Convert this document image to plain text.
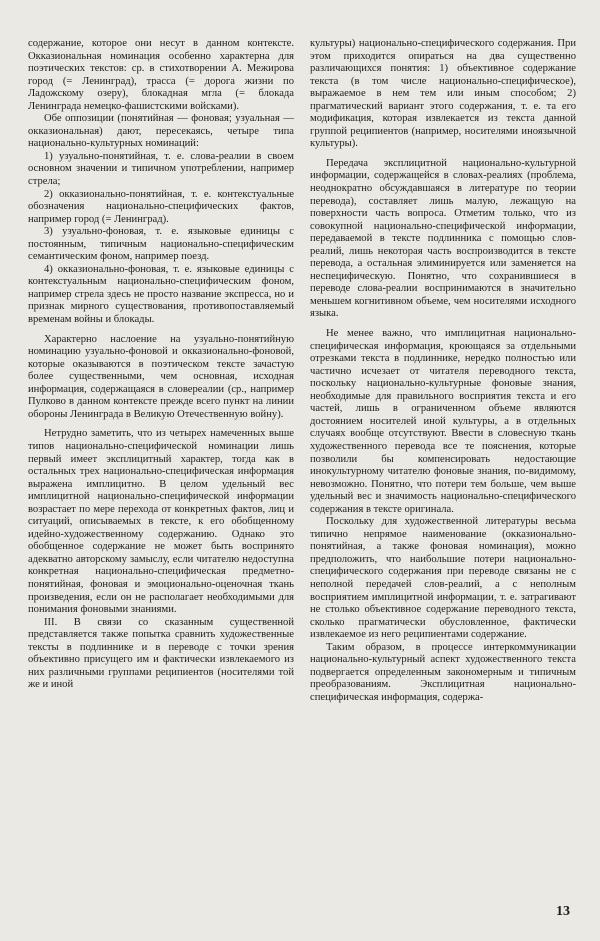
содержание, которое они несут в данном контексте. Окказиональная номинация особенно характерна для поэтических текстов: ср. в стихотворении А. Межирова город (= Ленинград), трасса (= дорога жизни по Ладожскому озеру), блокадная мгла (= блокада Ленинграда немецко-фашистскими войсками).

Обе оппозиции (понятийная — фоновая; узуальная — окказиональная) дают, пересекаясь, четыре типа национально-культурных номинаций:

1) узуально-понятийная, т. е. слова-реалии в своем основном значении и типичном употреблении, например стрела;

2) окказионально-понятийная, т. е. контекстуальные обозначения национально-специфических фактов, например город (= Ленинград).

3) узуально-фоновая, т. е. языковые единицы с постоянным, типичным национально-специфическим семантическим фоном, например поезд.

4) окказионально-фоновая, т. е. языковые единицы с контекстуальным национально-специфическим фоном, например стрела здесь не просто название экспресса, но и признак мирного существования, противопоставляемый временам войны и блокады.

Характерно наслоение на узуально-понятийную номинацию узуально-фоновой и окказионально-фоновой, которые оказываются в поэтическом тексте зачастую более существенными, чем основная, исходная информация, содержащаяся в словереалии (ср., например Пулково в данном контексте прежде всего пункт на линии обороны Ленинграда в Великую Отечественную войну).

Нетрудно заметить, что из четырех намеченных выше типов национально-специфической номинации лишь первый имеет эксплицитный характер, тогда как в остальных трех национально-специфическая информация выражена имплицитно. В целом удельный вес имплицитной национально-специфической информации возрастает по мере перехода от конкретных фактов, лиц и ситуаций, описываемых в тексте, к его обобщенному идейно-художественному содержанию. Однако это обобщенное содержание не может быть воспринято адекватно авторскому замыслу, если читателю недоступна конкретная национально-специфическая предметно-понятийная, фоновая и эмоционально-оценочная ткань произведения, если он не располагает необходимыми для понимания фоновыми знаниями.

III. В связи со сказанным существенной представляется также попытка сравнить художественные тексты в подлиннике и в переводе с точки зрения объективно присущего им и фактически извлекаемого из них различными группами реципиентов (носителями той же и иной

культуры) национально-специфического содержания. При этом приходится опираться на два существенно различающихся понятия: 1) объективное содержание текста (в том числе национально-специфическое), выражаемое в нем тем или иным способом; 2) прагматический вариант этого содержания, т. е. та его модификация, которая извлекается из текста данной группой реципиентов (например, носителями иноязычной культуры).

Передача эксплицитной национально-культурной информации, содержащейся в словах-реалиях (проблема, неоднократно обсуждавшаяся в литературе по теории перевода), составляет лишь малую, лежащую на поверхности часть вопроса. Отметим только, что из совокупной национально-специфической информации, передаваемой в тексте подлинника с помощью слов-реалий, лишь некоторая часть воспроизводится в тексте перевода, а остальная элиминируется или заменяется на неспецифическую. Понятно, что сохранившиеся в переводе слова-реалии воспринимаются в значительно меньшем когнитивном объеме, чем носителями исходного языка.

Не менее важно, что имплицитная национально-специфическая информация, кроющаяся за отдельными отрезками текста в подлиннике, нередко полностью или частично исчезает от читателя переводного текста, поскольку национально-культурные фоновые знания, необходимые для правильного восприятия текста и его частей, лишь в ограниченном объеме являются достоянием носителей иной культуры, а в отдельных случаях вообще отсутствуют. Ввести в словесную ткань художественного перевода все те пояснения, которые позволили бы компенсировать недостающие инокультурному читателю фоновые знания, по-видимому, невозможно. Понятно, что потери тем больше, чем выше удельный вес и значимость национально-специфического содержания в тексте оригинала.

Поскольку для художественной литературы весьма типично непрямое наименование (окказионально-понятийная, а также фоновая номинация), можно предположить, что наибольшие потери национально-специфического содержания при переводе связаны не с неполной передачей слов-реалий, а с неполным восприятием имплицитной информации, т. е. затрагивают не столько объективное содержание переводного текста, сколько прагматически обусловленное, фактически извлекаемое из него реципиентами содержание.

Таким образом, в процессе интеркоммуникации национально-культурный аспект художественного текста подвергается определенным закономерным и типичным преобразованиям. Эксплицитная национально-специфическая информация, содержа-

13
